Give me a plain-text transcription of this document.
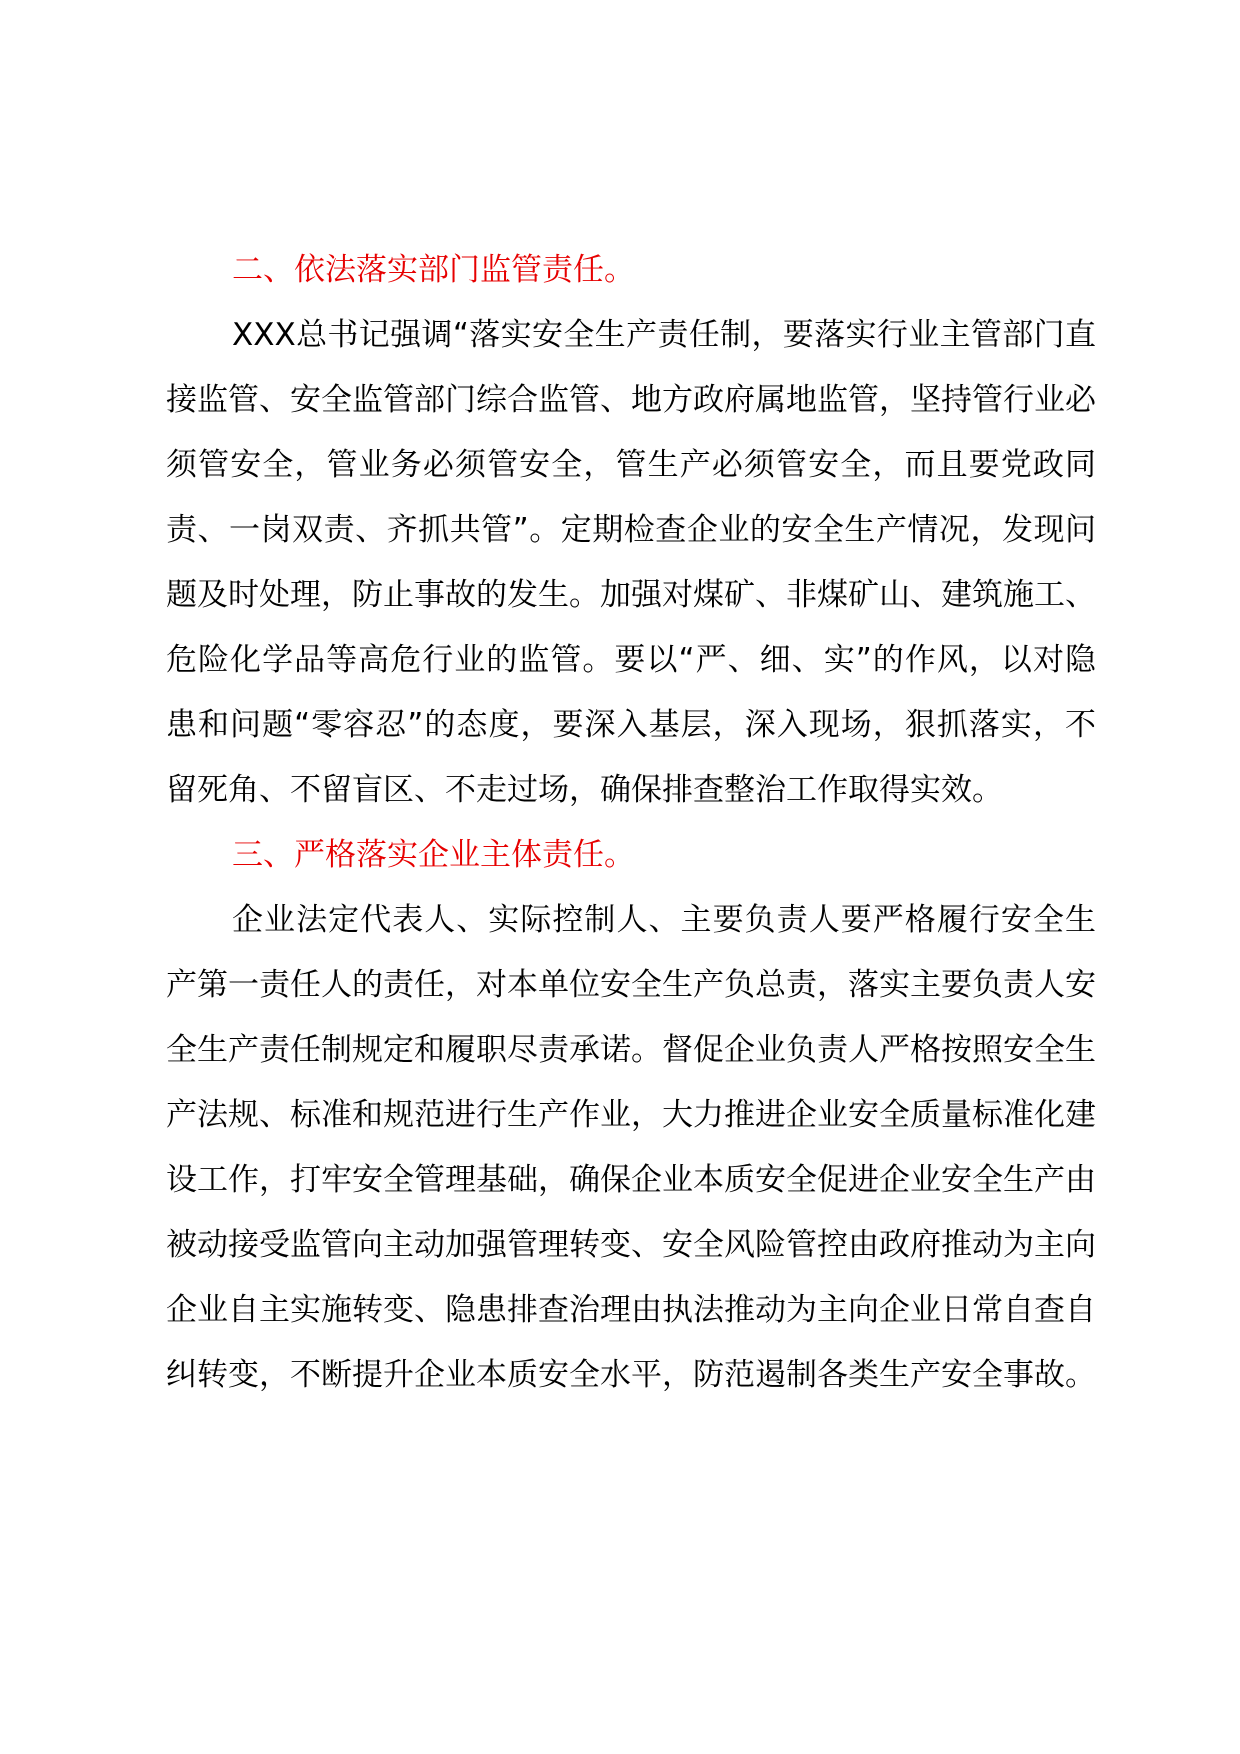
二、依法落实部门监管责任。

XXX总书记强调“落实安全生产责任制，要落实行业主管部门直接监管、安全监管部门综合监管、地方政府属地监管，坚持管行业必须管安全，管业务必须管安全，管生产必须管安全，而且要党政同责、一岗双责、齐抓共管”。定期检查企业的安全生产情况，发现问题及时处理，防止事故的发生。加强对煤矿、非煤矿山、建筑施工、危险化学品等高危行业的监管。要以“严、细、实”的作风，以对隐患和问题“零容忍”的态度，要深入基层，深入现场，狠抓落实，不留死角、不留盲区、不走过场，确保排查整治工作取得实效。

三、严格落实企业主体责任。

企业法定代表人、实际控制人、主要负责人要严格履行安全生产第一责任人的责任，对本单位安全生产负总责，落实主要负责人安全生产责任制规定和履职尽责承诺。督促企业负责人严格按照安全生产法规、标准和规范进行生产作业，大力推进企业安全质量标准化建设工作，打牢安全管理基础，确保企业本质安全促进企业安全生产由被动接受监管向主动加强管理转变、安全风险管控由政府推动为主向企业自主实施转变、隐患排查治理由执法推动为主向企业日常自查自纠转变，不断提升企业本质安全水平，防范遏制各类生产安全事故。
